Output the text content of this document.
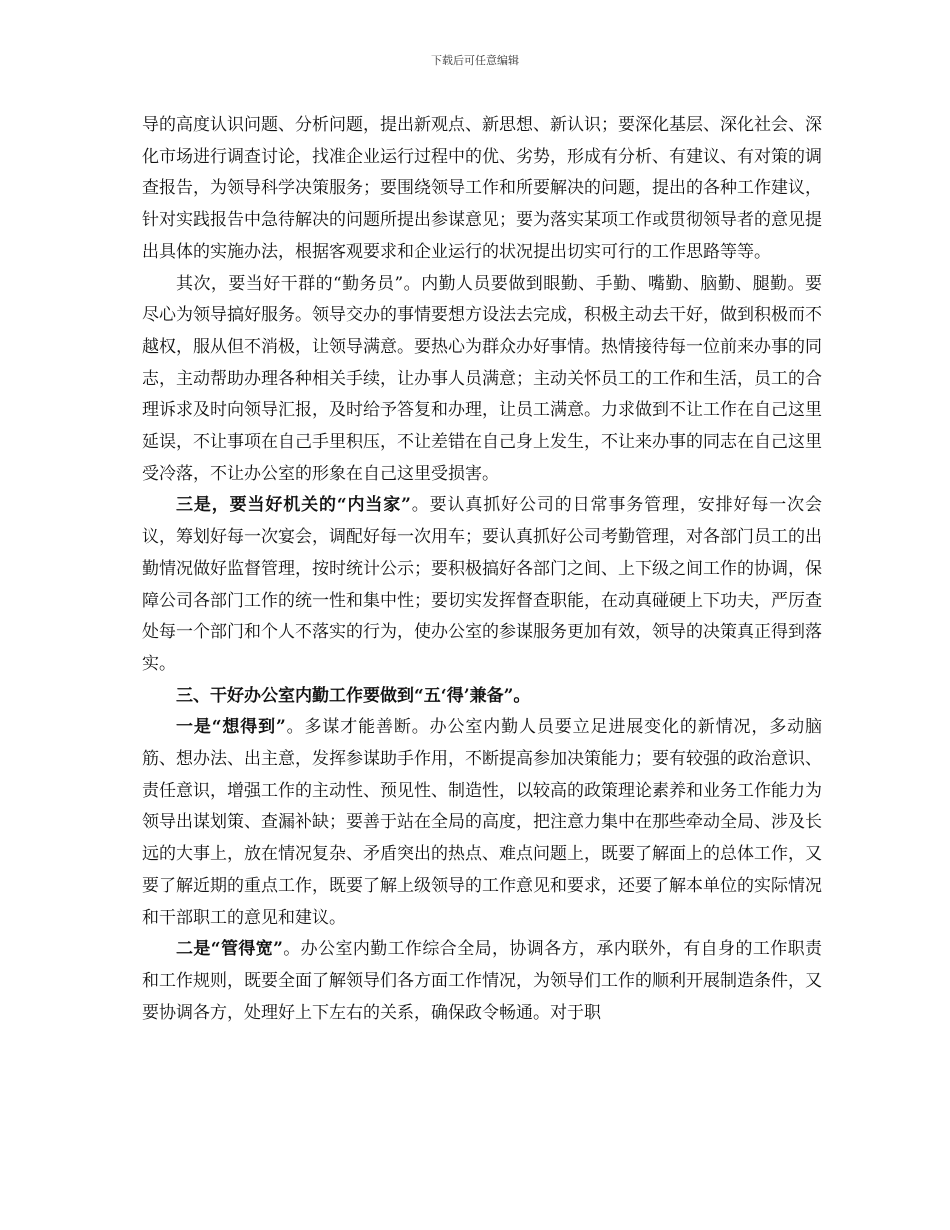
下载后可任意编辑

导的高度认识问题、分析问题，提出新观点、新思想、新认识；要深化基层、深化社会、深化市场进行调查讨论，找准企业运行过程中的优、劣势，形成有分析、有建议、有对策的调查报告，为领导科学决策服务；要围绕领导工作和所要解决的问题，提出的各种工作建议，针对实践报告中急待解决的问题所提出参谋意见；要为落实某项工作或贯彻领导者的意见提出具体的实施办法，根据客观要求和企业运行的状况提出切实可行的工作思路等等。

其次，要当好干群的“勤务员”。内勤人员要做到眼勤、手勤、嘴勤、脑勤、腿勤。要尽心为领导搞好服务。领导交办的事情要想方设法去完成，积极主动去干好，做到积极而不越权，服从但不消极，让领导满意。要热心为群众办好事情。热情接待每一位前来办事的同志，主动帮助办理各种相关手续，让办事人员满意；主动关怀员工的工作和生活，员工的合理诉求及时向领导汇报，及时给予答复和办理，让员工满意。力求做到不让工作在自己这里延误，不让事项在自己手里积压，不让差错在自己身上发生，不让来办事的同志在自己这里受冷落，不让办公室的形象在自己这里受损害。

三是，要当好机关的“内当家”。要认真抓好公司的日常事务管理，安排好每一次会议，筹划好每一次宴会，调配好每一次用车；要认真抓好公司考勤管理，对各部门员工的出勤情况做好监督管理，按时统计公示；要积极搞好各部门之间、上下级之间工作的协调，保障公司各部门工作的统一性和集中性；要切实发挥督查职能，在动真碰硬上下功夫，严厉查处每一个部门和个人不落实的行为，使办公室的参谋服务更加有效，领导的决策真正得到落实。

三、干好办公室内勤工作要做到“五‘得’兼备”。

一是“想得到”。多谋才能善断。办公室内勤人员要立足进展变化的新情况，多动脑筋、想办法、出主意，发挥参谋助手作用，不断提高参加决策能力；要有较强的政治意识、责任意识，增强工作的主动性、预见性、制造性，以较高的政策理论素养和业务工作能力为领导出谋划策、查漏补缺；要善于站在全局的高度，把注意力集中在那些牵动全局、涉及长远的大事上，放在情况复杂、矛盾突出的热点、难点问题上，既要了解面上的总体工作，又要了解近期的重点工作，既要了解上级领导的工作意见和要求，还要了解本单位的实际情况和干部职工的意见和建议。

二是“管得宽”。办公室内勤工作综合全局，协调各方，承内联外，有自身的工作职责和工作规则，既要全面了解领导们各方面工作情况，为领导们工作的顺利开展制造条件，又要协调各方，处理好上下左右的关系，确保政令畅通。对于职
